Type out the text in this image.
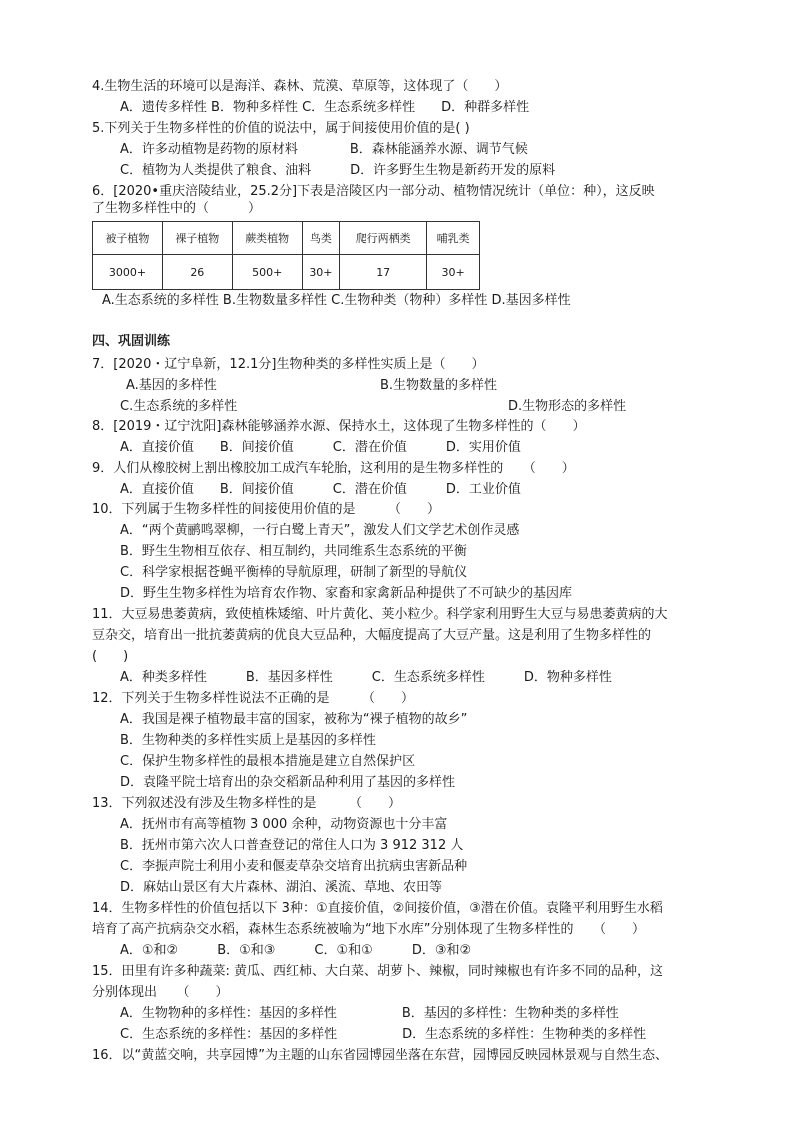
4.生物生活的环境可以是海洋、森林、荒漠、草原等，这体现了（　　）
A．遗传多样性 B．物种多样性 C．生态系统多样性　　D．种群多样性
5.下列关于生物多样性的价值的说法中，属于间接使用价值的是( )
A．许多动植物是药物的原材料　　　　B．森林能涵养水源、调节气候
C．植物为人类提供了粮食、油料　　　D．许多野生生物是新药开发的原料
6．[2020•重庆涪陵结业，25.2分]下表是涪陵区内一部分动、植物情况统计（单位：种），这反映
了生物多样性中的（　　　）
被子植物	裸子植物	蕨类植物	鸟类	爬行两栖类	哺乳类
3000+	26	500+	30+	17	30+
A.生态系统的多样性 B.生物数量多样性 C.生物种类（物种）多样性 D.基因多样性
四、巩固训练
7．[2020・辽宁阜新，12.1分]生物种类的多样性实质上是（　　）
A.基因的多样性	B.生物数量的多样性
C.生态系统的多样性	D.生物形态的多样性
8．[2019・辽宁沈阳]森林能够涵养水源、保持水土，这体现了生物多样性的（　　）
A．直接价值　　B．间接价值　　　C．潜在价值　　　D．实用价值
9．人们从橡胶树上割出橡胶加工成汽车轮胎，这利用的是生物多样性的　　（　　）
A．直接价值　　B．间接价值　　　C．潜在价值　　　D．工业价值
10．下列属于生物多样性的间接使用价值的是　　　（　　）
A．“两个黄鹂鸣翠柳，一行白鹭上青天”，激发人们文学艺术创作灵感
B．野生生物相互依存、相互制约，共同维系生态系统的平衡
C．科学家根据苍蝇平衡棒的导航原理，研制了新型的导航仪
D．野生生物多样性为培育农作物、家畜和家禽新品种提供了不可缺少的基因库
11．大豆易患萎黄病，致使植株矮缩、叶片黄化、荚小粒少。科学家利用野生大豆与易患萎黄病的大
豆杂交，培育出一批抗萎黄病的优良大豆品种，大幅度提高了大豆产量。这是利用了生物多样性的
(　　)
A．种类多样性　　　B．基因多样性　　　C．生态系统多样性　　　D．物种多样性
12．下列关于生物多样性说法不正确的是　　　（　　）
A．我国是裸子植物最丰富的国家，被称为“裸子植物的故乡”
B．生物种类的多样性实质上是基因的多样性
C．保护生物多样性的最根本措施是建立自然保护区
D．袁隆平院士培育出的杂交稻新品种利用了基因的多样性
13．下列叙述没有涉及生物多样性的是　　　（　　）
A．抚州市有高等植物 3 000 余种，动物资源也十分丰富
B．抚州市第六次人口普查登记的常住人口为 3 912 312 人
C．李振声院士利用小麦和偃麦草杂交培育出抗病虫害新品种
D．麻姑山景区有大片森林、湖泊、溪流、草地、农田等
14．生物多样性的价值包括以下 3种：①直接价值，②间接价值，③潜在价值。袁隆平利用野生水稻
培育了高产抗病杂交水稻，森林生态系统被喻为“地下水库”分别体现了生物多样性的　　（　　）
A．①和②　　　B．①和③　　　C．①和①　　　D．③和②
15．田里有许多种蔬菜: 黄瓜、西红柿、大白菜、胡萝卜、辣椒，同时辣椒也有许多不同的品种，这
分别体现出　　（　　）
A．生物物种的多样性：基因的多样性　　　　　B．基因的多样性：生物种类的多样性
C．生态系统的多样性：基因的多样性　　　　　D．生态系统的多样性：生物种类的多样性
16．以“黄蓝交响，共享园博”为主题的山东省园博园坐落在东营，园博园反映园林景观与自然生态、
